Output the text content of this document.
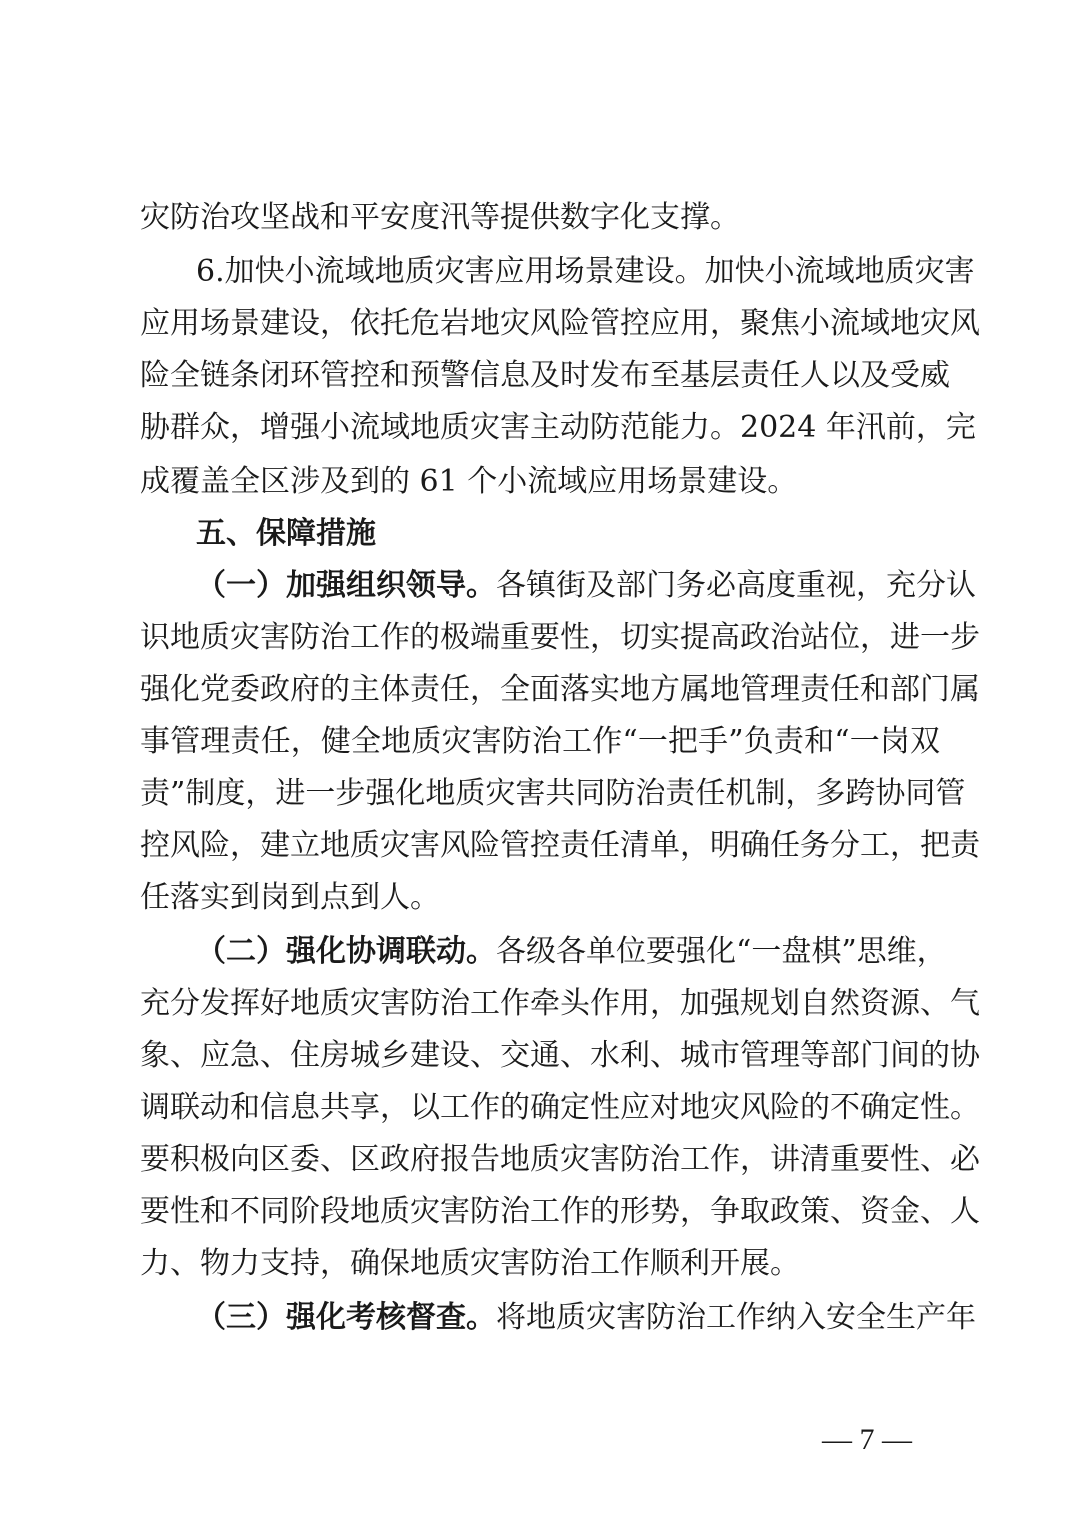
灾防治攻坚战和平安度汛等提供数字化支撑。
6.加快小流域地质灾害应用场景建设。加快小流域地质灾害
应用场景建设，依托危岩地灾风险管控应用，聚焦小流域地灾风
险全链条闭环管控和预警信息及时发布至基层责任人以及受威
胁群众，增强小流域地质灾害主动防范能力。2024 年汛前，完
成覆盖全区涉及到的 61 个小流域应用场景建设。
五、保障措施
（一）加强组织领导。各镇街及部门务必高度重视，充分认
识地质灾害防治工作的极端重要性，切实提高政治站位，进一步
强化党委政府的主体责任，全面落实地方属地管理责任和部门属
事管理责任，健全地质灾害防治工作“一把手”负责和“一岗双
责”制度，进一步强化地质灾害共同防治责任机制，多跨协同管
控风险，建立地质灾害风险管控责任清单，明确任务分工，把责
任落实到岗到点到人。
（二）强化协调联动。各级各单位要强化“一盘棋”思维，
充分发挥好地质灾害防治工作牵头作用，加强规划自然资源、气
象、应急、住房城乡建设、交通、水利、城市管理等部门间的协
调联动和信息共享，以工作的确定性应对地灾风险的不确定性。
要积极向区委、区政府报告地质灾害防治工作，讲清重要性、必
要性和不同阶段地质灾害防治工作的形势，争取政策、资金、人
力、物力支持，确保地质灾害防治工作顺利开展。
（三）强化考核督查。将地质灾害防治工作纳入安全生产年
— 7 —
